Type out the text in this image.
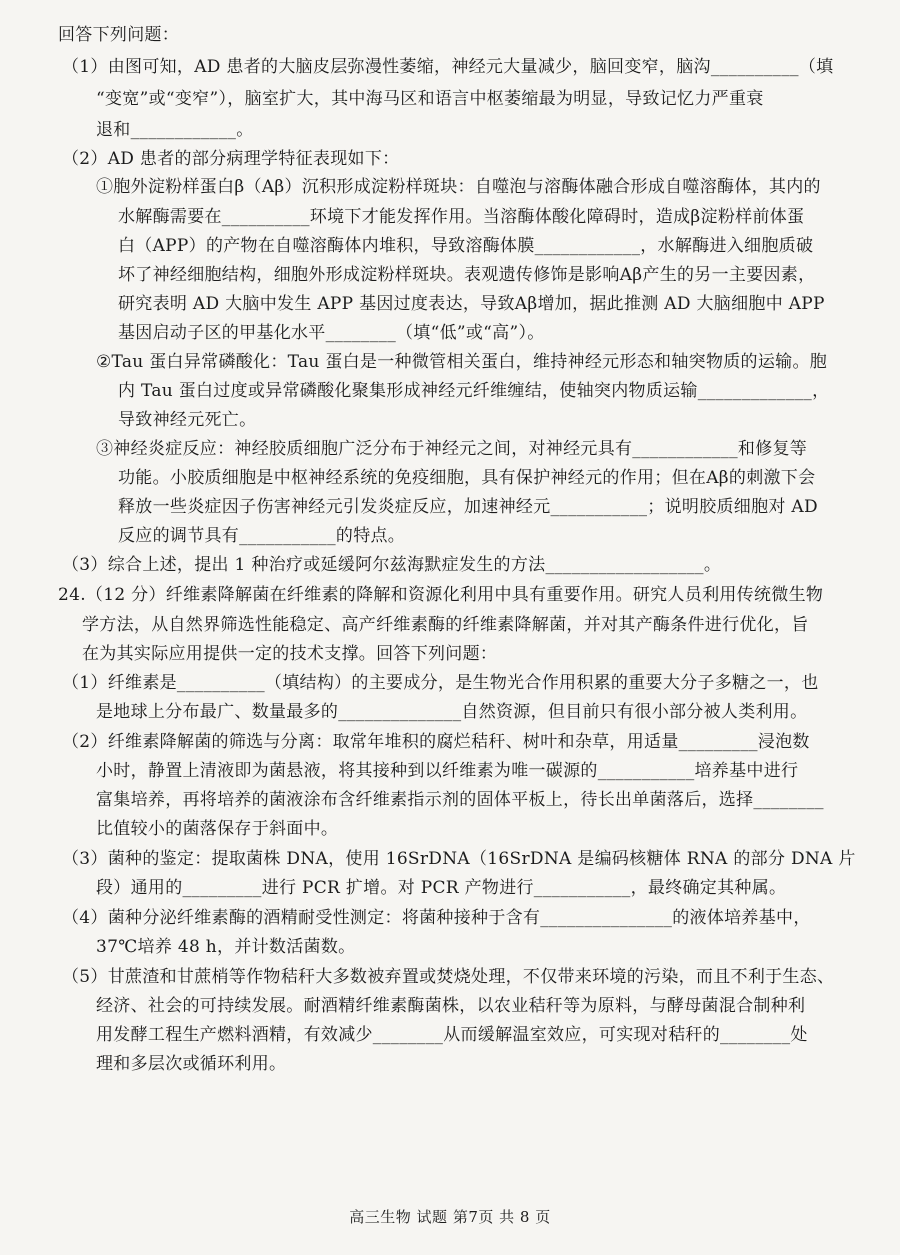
回答下列问题：
（1）由图可知，AD 患者的大脑皮层弥漫性萎缩，神经元大量减少，脑回变窄，脑沟__________（填
“变宽”或“变窄”），脑室扩大，其中海马区和语言中枢萎缩最为明显，导致记忆力严重衰
退和____________。
（2）AD 患者的部分病理学特征表现如下：
①胞外淀粉样蛋白β（Aβ）沉积形成淀粉样斑块：自噬泡与溶酶体融合形成自噬溶酶体，其内的
水解酶需要在__________环境下才能发挥作用。当溶酶体酸化障碍时，造成β淀粉样前体蛋
白（APP）的产物在自噬溶酶体内堆积，导致溶酶体膜____________，水解酶进入细胞质破
坏了神经细胞结构，细胞外形成淀粉样斑块。表观遗传修饰是影响Aβ产生的另一主要因素，
研究表明 AD 大脑中发生 APP 基因过度表达，导致Aβ增加，据此推测 AD 大脑细胞中 APP
基因启动子区的甲基化水平________（填“低”或“高”）。
②Tau 蛋白异常磷酸化：Tau 蛋白是一种微管相关蛋白，维持神经元形态和轴突物质的运输。胞
内 Tau 蛋白过度或异常磷酸化聚集形成神经元纤维缠结，使轴突内物质运输_____________，
导致神经元死亡。
③神经炎症反应：神经胶质细胞广泛分布于神经元之间，对神经元具有____________和修复等
功能。小胶质细胞是中枢神经系统的免疫细胞，具有保护神经元的作用；但在Aβ的刺激下会
释放一些炎症因子伤害神经元引发炎症反应，加速神经元___________；说明胶质细胞对 AD
反应的调节具有___________的特点。
（3）综合上述，提出 1 种治疗或延缓阿尔兹海默症发生的方法__________________。
24.（12 分）纤维素降解菌在纤维素的降解和资源化利用中具有重要作用。研究人员利用传统微生物
学方法，从自然界筛选性能稳定、高产纤维素酶的纤维素降解菌，并对其产酶条件进行优化，旨
在为其实际应用提供一定的技术支撑。回答下列问题：
（1）纤维素是__________（填结构）的主要成分，是生物光合作用积累的重要大分子多糖之一，也
是地球上分布最广、数量最多的______________自然资源，但目前只有很小部分被人类利用。
（2）纤维素降解菌的筛选与分离：取常年堆积的腐烂秸秆、树叶和杂草，用适量_________浸泡数
小时，静置上清液即为菌悬液，将其接种到以纤维素为唯一碳源的___________培养基中进行
富集培养，再将培养的菌液涂布含纤维素指示剂的固体平板上，待长出单菌落后，选择________
比值较小的菌落保存于斜面中。
（3）菌种的鉴定：提取菌株 DNA，使用 16SrDNA（16SrDNA 是编码核糖体 RNA 的部分 DNA 片
段）通用的_________进行 PCR 扩增。对 PCR 产物进行___________，最终确定其种属。
（4）菌种分泌纤维素酶的酒精耐受性测定：将菌种接种于含有_______________的液体培养基中，
37℃培养 48 h，并计数活菌数。
（5）甘蔗渣和甘蔗梢等作物秸秆大多数被弃置或焚烧处理，不仅带来环境的污染，而且不利于生态、
经济、社会的可持续发展。耐酒精纤维素酶菌株，以农业秸秆等为原料，与酵母菌混合制种利
用发酵工程生产燃料酒精，有效减少________从而缓解温室效应，可实现对秸秆的________处
理和多层次或循环利用。
高三生物 试题 第7页 共 8 页
